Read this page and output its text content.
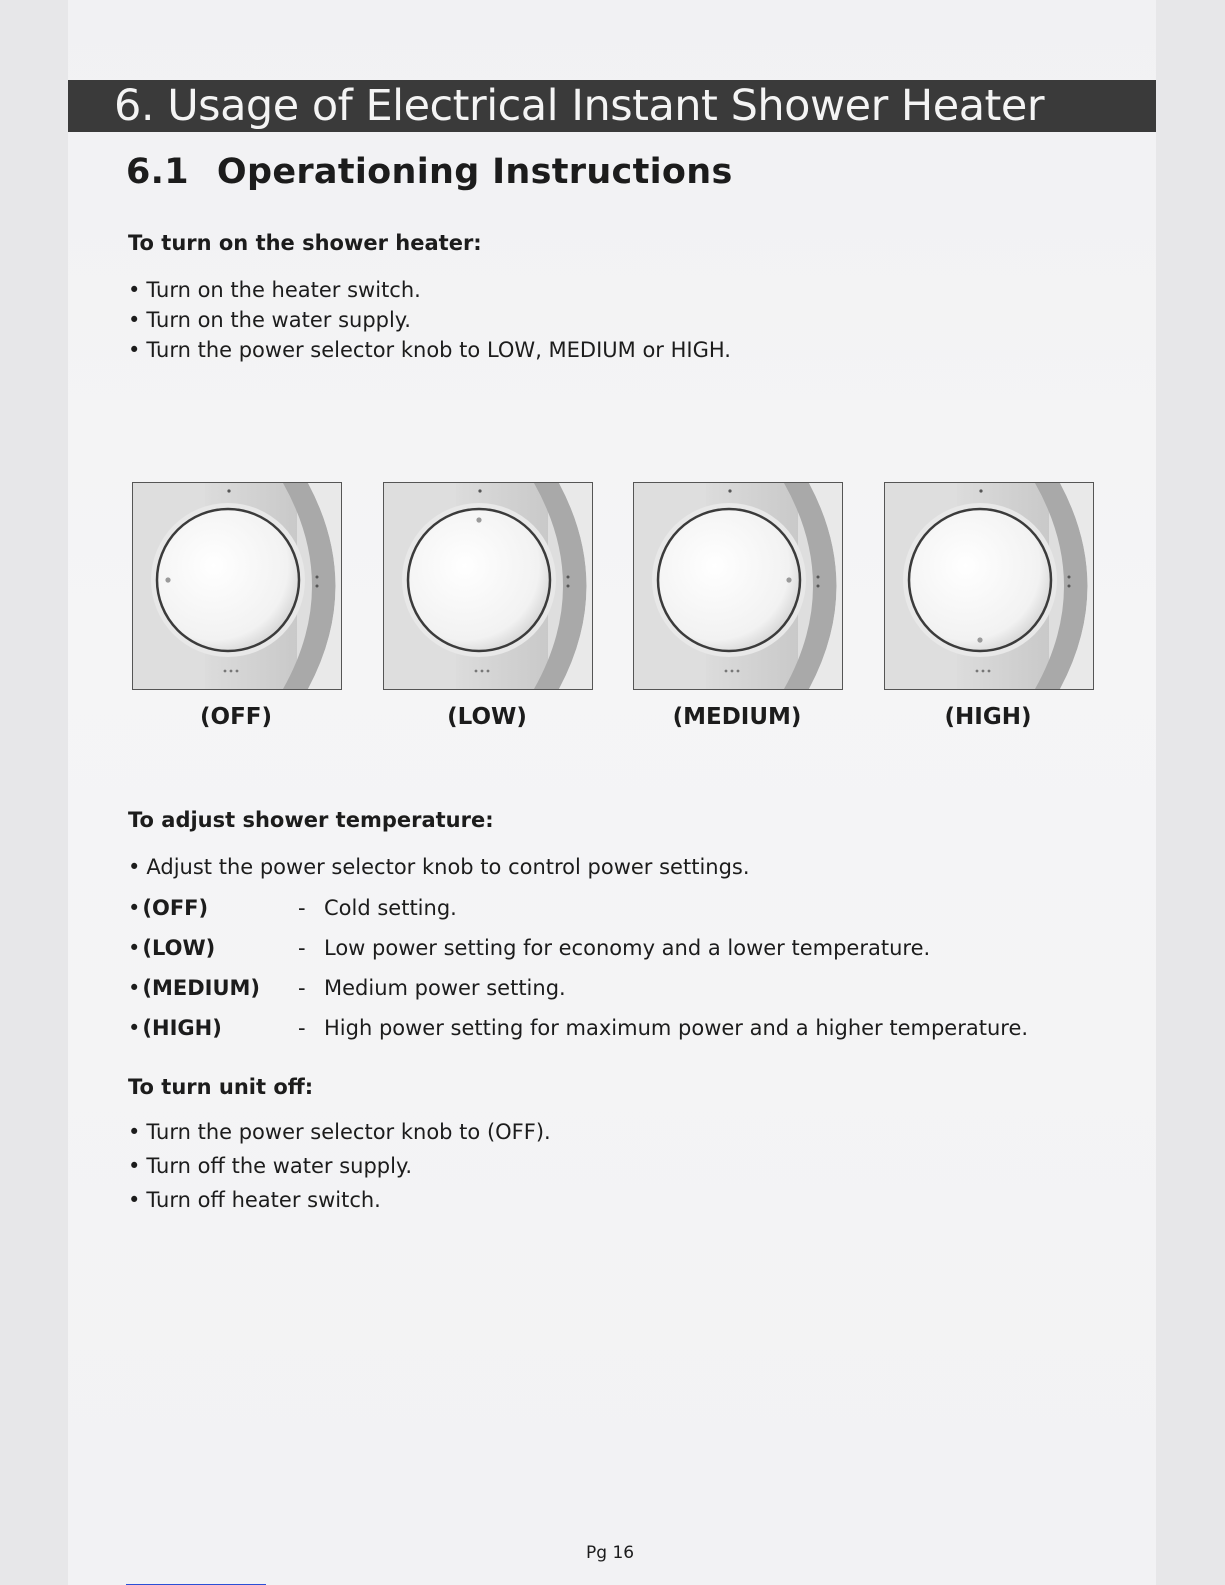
6. Usage of Electrical Instant Shower Heater
6.1 Operationing Instructions
To turn on the shower heater:
• Turn on the heater switch.
• Turn on the water supply.
• Turn the power selector knob to LOW, MEDIUM or HIGH.
(OFF)	(LOW)	(MEDIUM)	(HIGH)
To adjust shower temperature:
• Adjust the power selector knob to control power settings.
• (OFF)	- Cold setting.
• (LOW)	- Low power setting for economy and a lower temperature.
• (MEDIUM) - Medium power setting.
• (HIGH)	- High power setting for maximum power and a higher temperature.
To turn unit off:
• Turn the power selector knob to (OFF).
• Turn off the water supply.
• Turn off heater switch.
Pg 16
